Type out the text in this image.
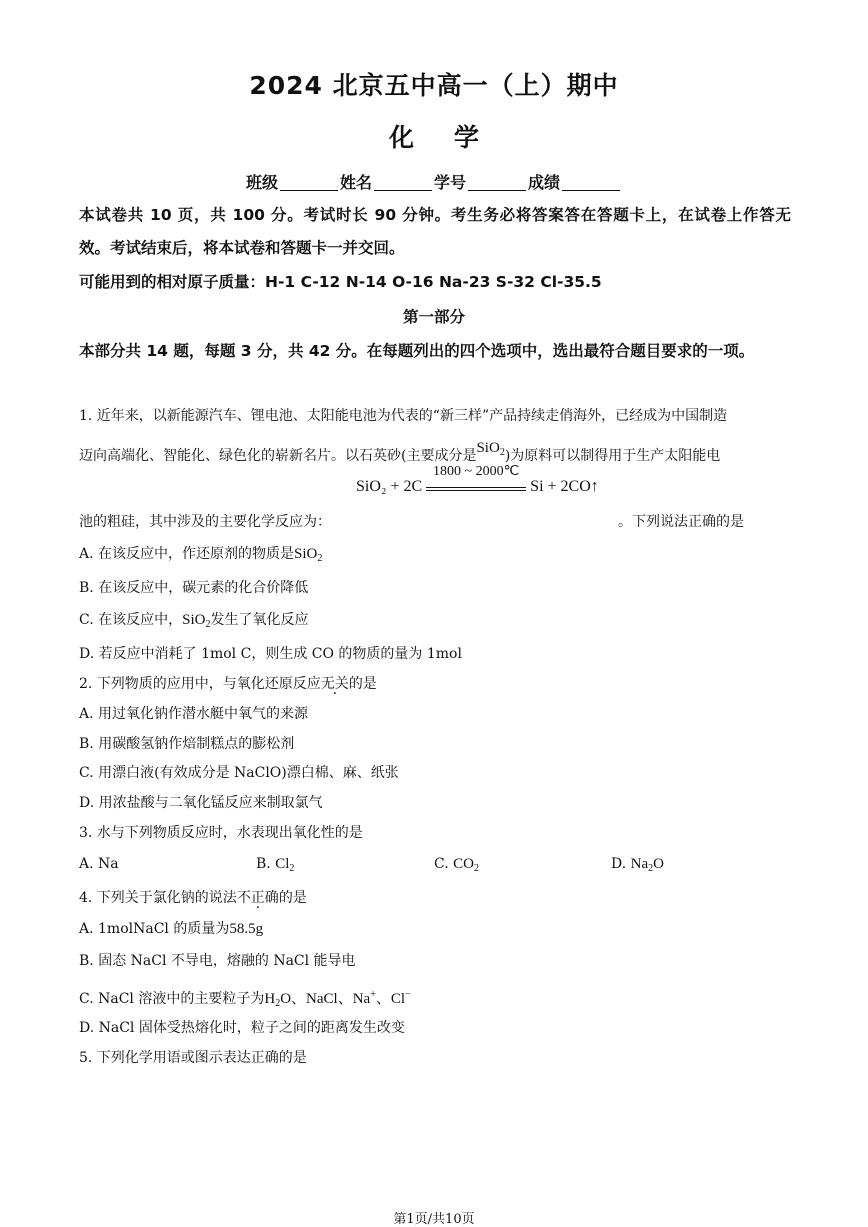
2024 北京五中高一（上）期中
化学
班级	姓名	学号	成绩
本试卷共 10 页，共 100 分。考试时长 90 分钟。考生务必将答案答在答题卡上，在试卷上作答无效。考试结束后，将本试卷和答题卡一并交回。
可能用到的相对原子质量：H-1 C-12 N-14 O-16 Na-23 S-32 Cl-35.5
第一部分
本部分共 14 题，每题 3 分，共 42 分。在每题列出的四个选项中，选出最符合题目要求的一项。
1. 近年来，以新能源汽车、锂电池、太阳能电池为代表的“新三样”产品持续走俏海外，已经成为中国制造
迈向高端化、智能化、绿色化的崭新名片。以石英砂(主要成分是SiO$_2$)为原料可以制得用于生产太阳能电
SiO₂ + 2C
1800 ~ 2000℃
Si + 2CO↑
池的粗硅，其中涉及的主要化学反应为：	。下列说法正确的是
A. 在该反应中，作还原剂的物质是SiO$_2$
B. 在该反应中，碳元素的化合价降低
C. 在该反应中，SiO$_2$发生了氧化反应
D. 若反应中消耗了 1mol C，则生成 CO 的物质的量为 1mol
2. 下列物质的应用中，与氧化还原反应无关的是
A. 用过氧化钠作潜水艇中氧气的来源
B. 用碳酸氢钠作焙制糕点的膨松剂
C. 用漂白液(有效成分是 NaClO)漂白棉、麻、纸张
D. 用浓盐酸与二氧化锰反应来制取氯气
3. 水与下列物质反应时，水表现出氧化性的是
A. Na	B. $Cl_2$	C. $CO_2$	D. $Na_2O$
4. 下列关于氯化钠的说法不正确的是
A. 1molNaCl 的质量为58.5g
B. 固态 NaCl 不导电，熔融的 NaCl 能导电
C. NaCl 溶液中的主要粒子为$H_2O$、NaCl、Na+、Cl−
D. NaCl 固体受热熔化时，粒子之间的距离发生改变
5. 下列化学用语或图示表达正确的是
第1页/共10页
